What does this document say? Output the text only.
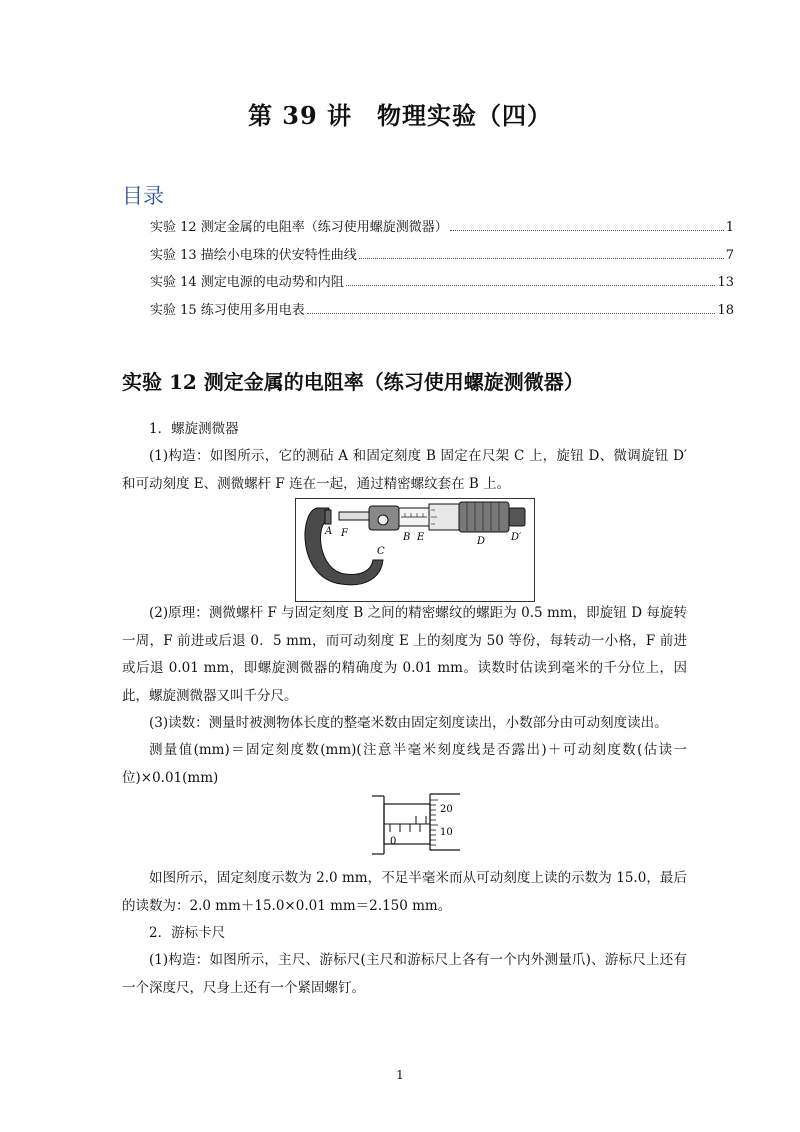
第 39 讲　物理实验（四）
目录
实验 12 测定金属的电阻率（练习使用螺旋测微器）	1
实验 13 描绘小电珠的伏安特性曲线	7
实验 14 测定电源的电动势和内阻	13
实验 15 练习使用多用电表	18
实验 12 测定金属的电阻率（练习使用螺旋测微器）
1．螺旋测微器
(1)构造：如图所示，它的测砧 A 和固定刻度 B 固定在尺架 C 上，旋钮 D、微调旋钮 D′ 和可动刻度 E、测微螺杆 F 连在一起，通过精密螺纹套在 B 上。
A F	B E
C
D	D′
(2)原理：测微螺杆 F 与固定刻度 B 之间的精密螺纹的螺距为 0.5 mm，即旋钮 D 每旋转一周，F 前进或后退 0．5 mm，而可动刻度 E 上的刻度为 50 等份，每转动一小格，F 前进或后退 0.01 mm，即螺旋测微器的精确度为 0.01 mm。读数时估读到毫米的千分位上，因此，螺旋测微器又叫千分尺。
(3)读数：测量时被测物体长度的整毫米数由固定刻度读出，小数部分由可动刻度读出。
测量值(mm)＝固定刻度数(mm)(注意半毫米刻度线是否露出)＋可动刻度数(估读一位)×0.01(mm)
20
10
0
如图所示，固定刻度示数为 2.0 mm，不足半毫米而从可动刻度上读的示数为 15.0，最后的读数为：2.0 mm＋15.0×0.01 mm＝2.150 mm。
2．游标卡尺
(1)构造：如图所示，主尺、游标尺(主尺和游标尺上各有一个内外测量爪)、游标尺上还有一个深度尺，尺身上还有一个紧固螺钉。
1
